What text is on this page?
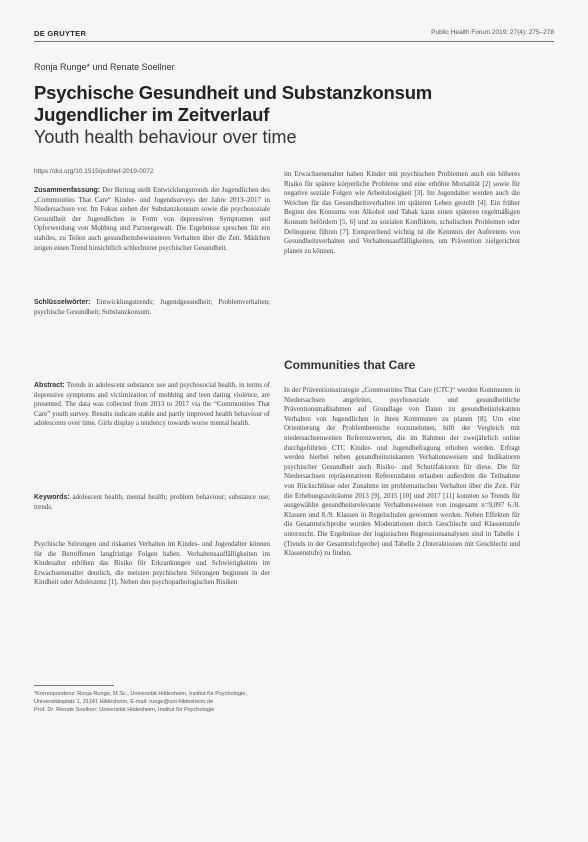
DE GRUYTER	Public Health Forum 2019; 27(4): 275–278
Ronja Runge* und Renate Soellner
Psychische Gesundheit und Substanzkonsum
Jugendlicher im Zeitverlauf
Youth health behaviour over time
https://doi.org/10.1515/pubhef-2019-0072

Zusammenfassung: Der Beitrag stellt Entwicklungstrends der Jugendlichen des „Communities That Care“ Kinder- und Jugendsurveys der Jahre 2013–2017 in Niedersachsen vor. Im Fokus stehen der Substanzkonsum sowie die psychosoziale Gesundheit der Jugendlichen in Form von depressiven Symptomen und Opferwerdung von Mobbing und Partnergewalt. Die Ergebnisse sprechen für ein stabiles, zu Teilen auch gesundheitsbewussteres Verhalten über die Zeit. Mädchen zeigen einen Trend hinsichtlich schlechterer psychischer Gesundheit.

Schlüsselwörter: Entwicklungstrends; Jugendgesundheit; Problemverhalten; psychische Gesundheit; Substanzkonsum.

Abstract: Trends in adolescent substance use and psychosocial health, in terms of depressive symptoms and victimization of mobbing and teen dating violence, are presented. The data was collected from 2013 to 2017 via the “Communities That Care” youth survey. Results indicate stable and partly improved health behaviour of adolescents over time. Girls display a tendency towards worse mental health.

Keywords: adolescent health; mental health; problem behaviour; substance use; trends.

Psychische Störungen und riskantes Verhalten im Kindes- und Jugendalter können für die Betroffenen langfristige Folgen haben. Verhaltensauffälligkeiten im Kindesalter erhöhen das Risiko für Erkrankungen und Schwierigkeiten im Erwachsenenalter deutlich, die meisten psychischen Störungen beginnen in der Kindheit oder Adoleszenz [1]. Neben den psychopathologischen Risiken

*Korrespondenz: Ronja Runge, M.Sc., Universität Hildesheim, Institut für Psychologie, Universitätsplatz 1, 31141 Hildesheim, E-mail: runge@uni-hildesheim.de

Prof. Dr. Renate Soellner: Universität Hildesheim, Institut für Psychologie

im Erwachsenenalter haben Kinder mit psychischen Problemen auch ein höheres Risiko für spätere körperliche Probleme und eine erhöhte Mortalität [2] sowie für negative soziale Folgen wie Arbeitslosigkeit [3]. Im Jugendalter werden auch die Weichen für das Gesundheitsverhalten im späteren Leben gestellt [4]. Ein früher Beginn des Konsums von Alkohol und Tabak kann einen späteren regelmäßigen Konsum befördern [5, 6] und zu sozialen Konflikten, schulischen Problemen oder Delinquenz führen [7]. Entsprechend wichtig ist die Kenntnis der Auftretens von Gesundheitsverhalten und Verhaltensauffälligkeiten, um Prävention zielgerichtet planen zu können.

Communities that Care

In der Präventionsstrategie „Communities That Care (CTC)“ werden Kommunen in Niedersachsen angeleitet, psychosoziale und gesundheitliche Präventionsmaßnahmen auf Grundlage von Daten zu gesundheitsriskanten Verhalten von Jugendlichen in ihren Kommunen zu planen [8]. Um eine Orientierung der Problembereiche vorzunehmen, hilft der Vergleich mit niedersachsenweiten Referenzwerten, die im Rahmen der zweijährlich online durchgeführten CTC Kinder- und Jugendbefragung erhoben werden. Erfragt werden hierbei neben gesundheitsriskanten Verhaltensweisen und Indikatoren psychischer Gesundheit auch Risiko- und Schutzfaktoren für diese. Die für Niedersachsen repräsentativen Referenzdaten erlauben außerdem die Teilnahme von Rückschlüsse oder Zunahme im problematischen Verhalten über die Zeit. Für die Erhebungszeiträume 2013 [9], 2015 [10] und 2017 [11] konnten so Trends für ausgewählte gesundheitsrelevante Verhaltensweisen von insgesamt n=9,097 6./8. Klassen und 8./9. Klassen in Regelschulen gewonnen werden. Neben Effekten für die Gesamtstichprobe wurden Moderationen durch Geschlecht und Klassenstufe untersucht. Die Ergebnisse der logistischen Regressionsanalysen sind in Tabelle 1 (Trends in der Gesamtstichprobe) und Tabelle 2 (Interaktionen mit Geschlecht und Klassenstufe) zu finden.
